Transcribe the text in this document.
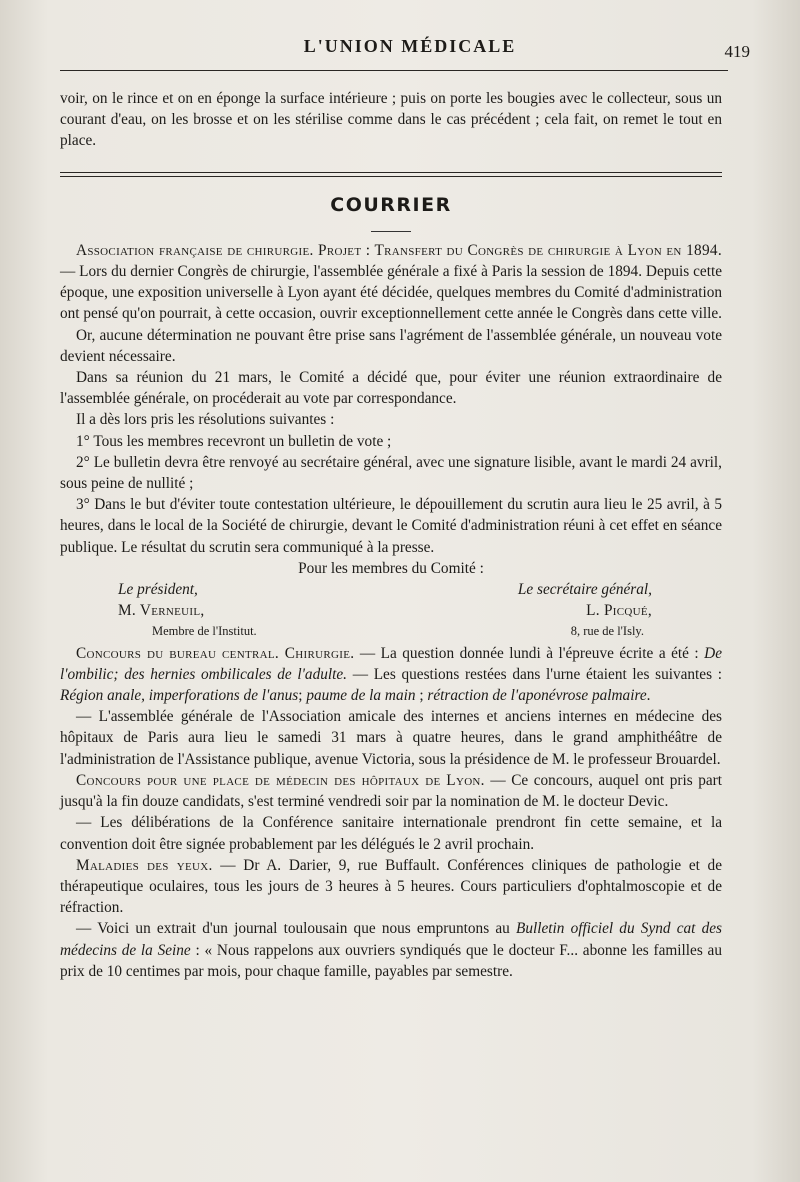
L'UNION MÉDICALE	419

voir, on le rince et on en éponge la surface intérieure ; puis on porte les bougies avec le collecteur, sous un courant d'eau, on les brosse et on les stérilise comme dans le cas précédent ; cela fait, on remet le tout en place.

COURRIER

Association française de chirurgie. Projet : Transfert du Congrès de chirurgie à Lyon en 1894. — Lors du dernier Congrès de chirurgie, l'assemblée générale a fixé à Paris la session de 1894. Depuis cette époque, une exposition universelle à Lyon ayant été décidée, quelques membres du Comité d'administration ont pensé qu'on pourrait, à cette occasion, ouvrir exceptionnellement cette année le Congrès dans cette ville.

Or, aucune détermination ne pouvant être prise sans l'agrément de l'assemblée générale, un nouveau vote devient nécessaire.

Dans sa réunion du 21 mars, le Comité a décidé que, pour éviter une réunion extraordinaire de l'assemblée générale, on procéderait au vote par correspondance.

Il a dès lors pris les résolutions suivantes :

1° Tous les membres recevront un bulletin de vote ;

2° Le bulletin devra être renvoyé au secrétaire général, avec une signature lisible, avant le mardi 24 avril, sous peine de nullité ;

3° Dans le but d'éviter toute contestation ultérieure, le dépouillement du scrutin aura lieu le 25 avril, à 5 heures, dans le local de la Société de chirurgie, devant le Comité d'administration réuni à cet effet en séance publique. Le résultat du scrutin sera communiqué à la presse.

Pour les membres du Comité :

Le président,	Le secrétaire général,
M. Verneuil,	L. Picqué,
Membre de l'Institut.	8, rue de l'Isly.

Concours du bureau central. Chirurgie. — La question donnée lundi à l'épreuve écrite a été : De l'ombilic; des hernies ombilicales de l'adulte. — Les questions restées dans l'urne étaient les suivantes : Région anale, imperforations de l'anus; paume de la main ; rétraction de l'aponévrose palmaire.

— L'assemblée générale de l'Association amicale des internes et anciens internes en médecine des hôpitaux de Paris aura lieu le samedi 31 mars à quatre heures, dans le grand amphithéâtre de l'administration de l'Assistance publique, avenue Victoria, sous la présidence de M. le professeur Brouardel.

Concours pour une place de médecin des hôpitaux de Lyon. — Ce concours, auquel ont pris part jusqu'à la fin douze candidats, s'est terminé vendredi soir par la nomination de M. le docteur Devic.

— Les délibérations de la Conférence sanitaire internationale prendront fin cette semaine, et la convention doit être signée probablement par les délégués le 2 avril prochain.

Maladies des yeux. — Dr A. Darier, 9, rue Buffault. Conférences cliniques de pathologie et de thérapeutique oculaires, tous les jours de 3 heures à 5 heures. Cours particuliers d'ophtalmoscopie et de réfraction.

— Voici un extrait d'un journal toulousain que nous empruntons au Bulletin officiel du Synd cat des médecins de la Seine : « Nous rappelons aux ouvriers syndiqués que le docteur F... abonne les familles au prix de 10 centimes par mois, pour chaque famille, payables par semestre.
